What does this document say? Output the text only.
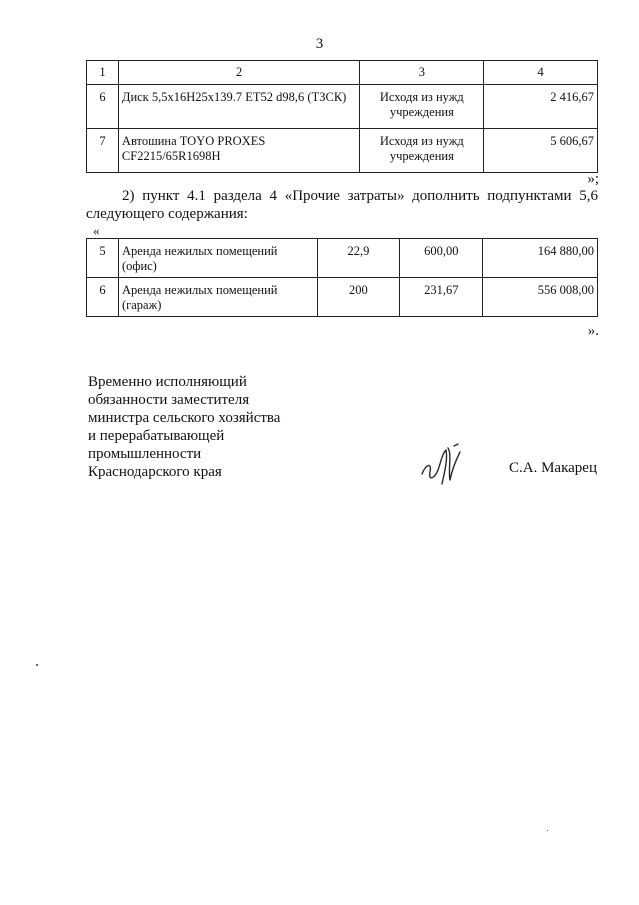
3
1	2	3	4
6	Диск 5,5x16H25x139.7 ET52 d98,6 (ТЗСК)	Исходя из нужд учреждения	2 416,67
7	Автошина TOYO PROXES CF2215/65R1698H	Исходя из нужд учреждения	5 606,67
»;
2) пункт 4.1 раздела 4 «Прочие затраты» дополнить подпунктами 5,6 следующего содержания:
«
5	Аренда нежилых помещений (офис)	22,9	600,00	164 880,00
6	Аренда нежилых помещений (гараж)	200	231,67	556 008,00
».
Временно исполняющий
обязанности заместителя
министра сельского хозяйства
и перерабатывающей
промышленности
Краснодарского края	С.А. Макарец
